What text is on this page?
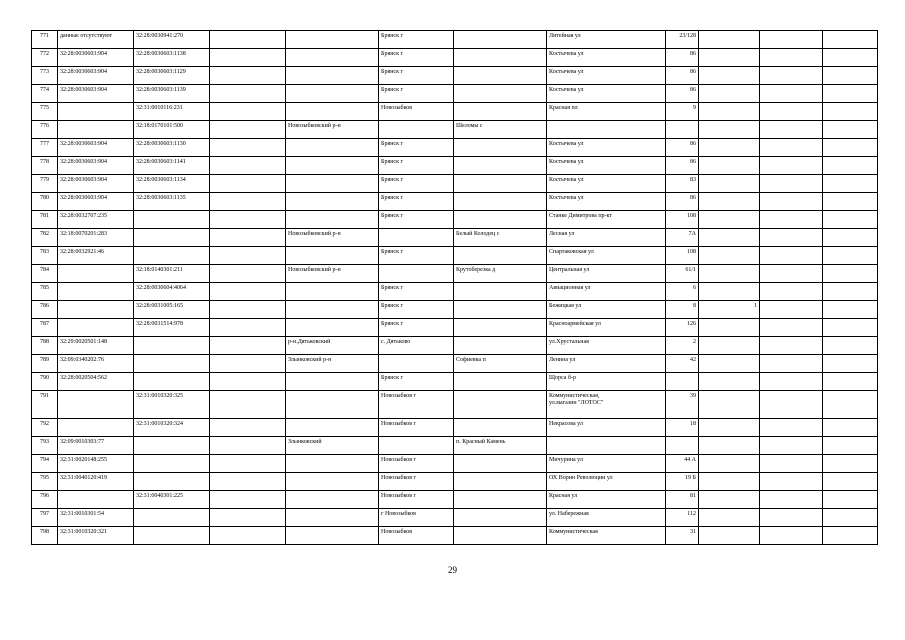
771	данные отсутствуют	32:28:0030941:270			Брянск г		Литейная ул	23/128			
772	32:28:0030603:904	32:28:0030603:1138			Брянск г		Костычева ул	86			
773	32:28:0030603:904	32:28:0030603:1129			Брянск г		Костычева ул	86			
774	32:28:0030603:904	32:28:0030603:1139			Брянск г		Костычева ул	86			
775		32:31:0010116:231			Новозыбков		Красная пл	9			
776		32:18:0170101:500		Новозыбковский р-н		Шеломы с					
777	32:28:0030603:904	32:28:0030603:1130			Брянск г		Костычева ул	86			
778	32:28:0030603:904	32:28:0030603:1141			Брянск г		Костычева ул	86			
779	32:28:0030603:904	32:28:0030603:1134			Брянск г		Костычева ул	83			
780	32:28:0030603:904	32:28:0030603:1135			Брянск г		Костычева ул	86			
781	32:28:0032707:235				Брянск г		Станке Димитрова пр-кт	108			
782	32:18:0070201:283			Новозыбковский р-н		Белый Колодец с	Лесная ул	7А			
783	32:28:0032921:46				Брянск г		Спартаковская ул	108			
784		32:18:0140301:211		Новозыбковский р-н		Крутоберезка д	Центральная ул	61/1			
785		32:28:0030604:4064			Брянск г		Авиационная ул	6			
786		32:28:0031005:165			Брянск г		Бежицкая ул	8	1		
787		32:28:0031514:978			Брянск г		Красноармейская ул	126			
788	32:29:0020501:148			р-н.Дятьковский	с. Дятьково		ул.Хрустальная	2			
789	32:09:0340202:76			Злынковский р-н		Софиевка п	Ленина ул	42			
790	32:28:0020504:562				Брянск г		Щорса б-р				
791		32:31:0010320:325			Новозыбков г		Коммунистическая,
ул.магазин "ЛОТОС"	39			
792		32:31:0010320:324			Новозыбков г		Некрасова ул	18			
793	32:09:0010303:77			Злынковский		п. Красный Камень					
794	32:31:0020148:255				Новозыбков г		Мичурина ул	44 А			
795	32:31:0040120:419				Новозыбков г		ОХ Ворин Революции ул	19 Б			
796		32:31:0040301:225			Новозыбков г		Красная ул	81			
797	32:31:0010301:54				г Новозыбков		ул. Набережная	112			
798	32:31:0010320:321				Новозыбков		Коммунистическая	31			
29
